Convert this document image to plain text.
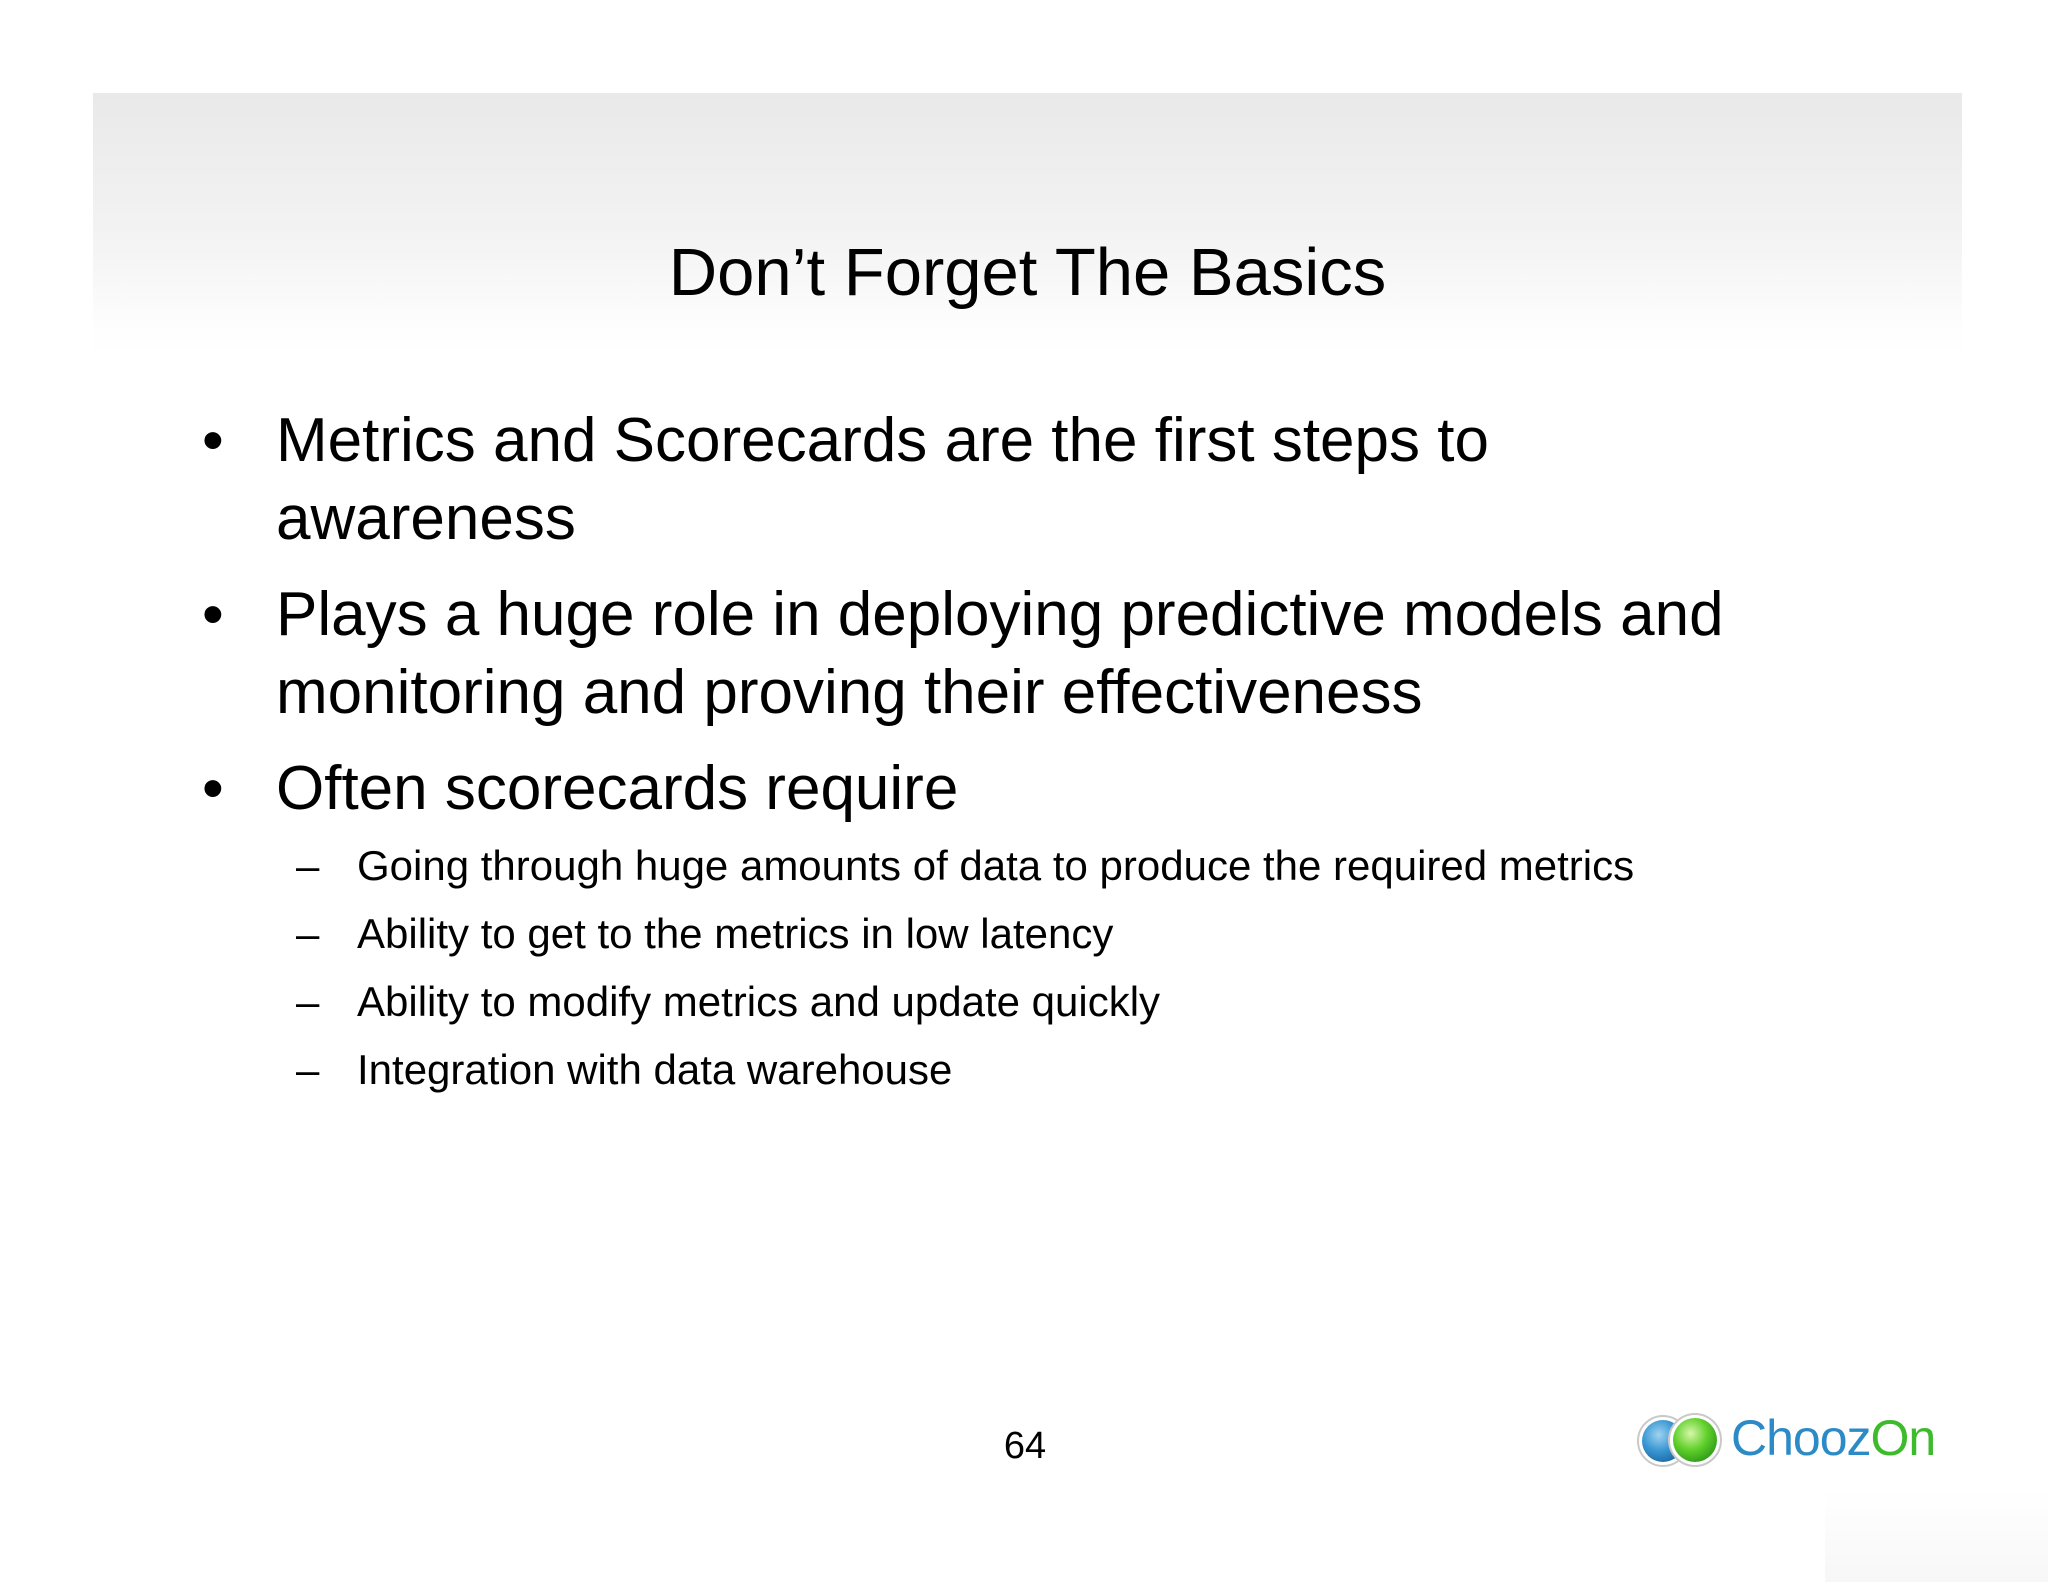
Don’t Forget The Basics
• Metrics and Scorecards are the first steps to
awareness
• Plays a huge role in deploying predictive models and
monitoring and proving their effectiveness
• Often scorecards require
– Going through huge amounts of data to produce the required metrics
– Ability to get to the metrics in low latency
– Ability to modify metrics and update quickly
– Integration with data warehouse
64	ChoozOn
